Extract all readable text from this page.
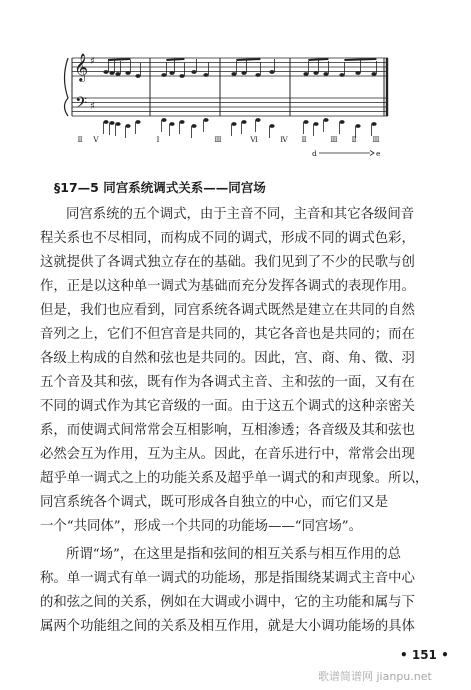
𝄞
𝄢
♯
♯
Ⅱ Ⅴ	Ⅰ	Ⅲ	Ⅵ	Ⅳ Ⅱ	Ⅲ Ⅱ Ⅲ
d	e
§17—5 同宫系统调式关系——同宫场
同宫系统的五个调式，由于主音不同，主音和其它各级间音
程关系也不尽相同，而构成不同的调式，形成不同的调式色彩，
这就提供了各调式独立存在的基础。我们见到了不少的民歌与创
作，正是以这种单一调式为基础而充分发挥各调式的表现作用。
但是，我们也应看到，同宫系统各调式既然是建立在共同的自然
音列之上，它们不但宫音是共同的，其它各音也是共同的；而在
各级上构成的自然和弦也是共同的。因此，宫、商、角、徵、羽
五个音及其和弦，既有作为各调式主音、主和弦的一面，又有在
不同的调式作为其它音级的一面。由于这五个调式的这种亲密关
系，而使调式间常常会互相影响，互相渗透；各音级及其和弦也
必然会互为作用，互为主从。因此，在音乐进行中，常常会出现
超乎单一调式之上的功能关系及超乎单一调式的和声现象。所以，
同宫系统各个调式，既可形成各自独立的中心，而它们又是
一个“共同体”，形成一个共同的功能场——“同宫场”。
所谓“场”，在这里是指和弦间的相互关系与相互作用的总
称。单一调式有单一调式的功能场，那是指围绕某调式主音中心
的和弦之间的关系，例如在大调或小调中，它的主功能和属与下
属两个功能组之间的关系及相互作用，就是大小调功能场的具体
• 151 •
歌谱简谱网 jianpu.net
